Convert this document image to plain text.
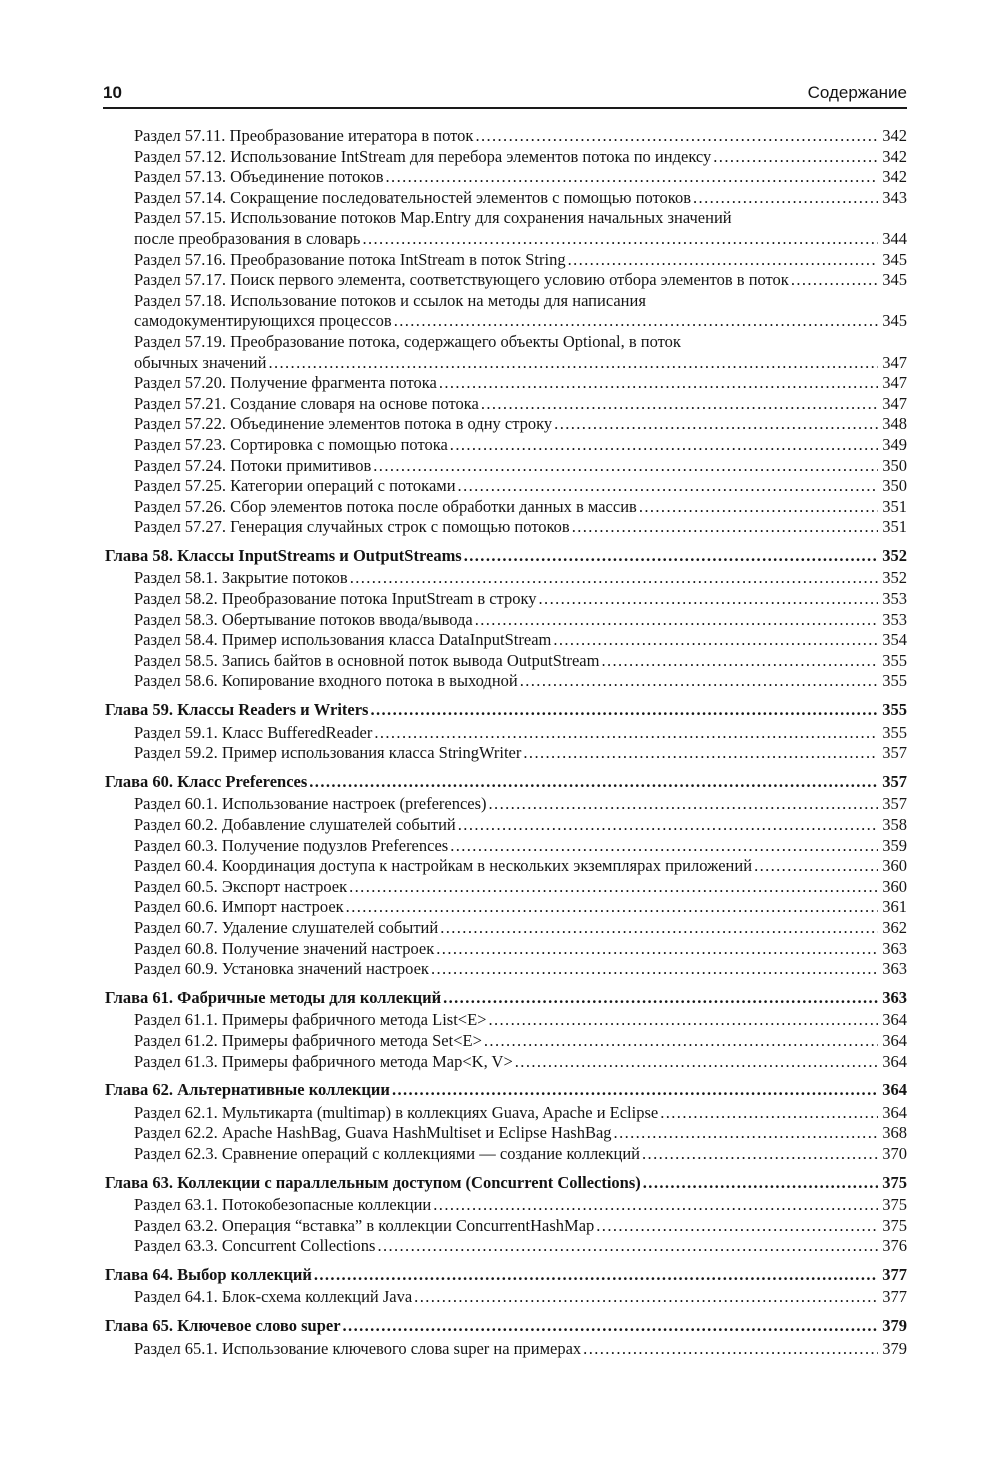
10	Содержание
Раздел 57.11. Преобразование итератора в поток .....	342
Раздел 57.12. Использование IntStream для перебора элементов потока по индексу .....	342
Раздел 57.13. Объединение потоков .....	342
Раздел 57.14. Сокращение последовательностей элементов с помощью потоков .....	343
Раздел 57.15. Использование потоков Map.Entry для сохранения начальных значений
после преобразования в словарь .....	344
Раздел 57.16. Преобразование потока IntStream в поток String .....	345
Раздел 57.17. Поиск первого элемента, соответствующего условию отбора элементов в поток .....	345
Раздел 57.18. Использование потоков и ссылок на методы для написания
самодокументирующихся процессов .....	345
Раздел 57.19. Преобразование потока, содержащего объекты Optional, в поток
обычных значений .....	347
Раздел 57.20. Получение фрагмента потока .....	347
Раздел 57.21. Создание словаря на основе потока .....	347
Раздел 57.22. Объединение элементов потока в одну строку .....	348
Раздел 57.23. Сортировка с помощью потока .....	349
Раздел 57.24. Потоки примитивов .....	350
Раздел 57.25. Категории операций с потоками .....	350
Раздел 57.26. Сбор элементов потока после обработки данных в массив .....	351
Раздел 57.27. Генерация случайных строк с помощью потоков .....	351
Глава 58. Классы InputStreams и OutputStreams .....	352
Раздел 58.1. Закрытие потоков .....	352
Раздел 58.2. Преобразование потока InputStream в строку .....	353
Раздел 58.3. Обертывание потоков ввода/вывода .....	353
Раздел 58.4. Пример использования класса DataInputStream .....	354
Раздел 58.5. Запись байтов в основной поток вывода OutputStream .....	355
Раздел 58.6. Копирование входного потока в выходной .....	355
Глава 59. Классы Readers и Writers .....	355
Раздел 59.1. Класс BufferedReader .....	355
Раздел 59.2. Пример использования класса StringWriter .....	357
Глава 60. Класс Preferences .....	357
Раздел 60.1. Использование настроек (preferences) .....	357
Раздел 60.2. Добавление слушателей событий .....	358
Раздел 60.3. Получение подузлов Preferences .....	359
Раздел 60.4. Координация доступа к настройкам в нескольких экземплярах приложений .....	360
Раздел 60.5. Экспорт настроек .....	360
Раздел 60.6. Импорт настроек .....	361
Раздел 60.7. Удаление слушателей событий .....	362
Раздел 60.8. Получение значений настроек .....	363
Раздел 60.9. Установка значений настроек .....	363
Глава 61. Фабричные методы для коллекций .....	363
Раздел 61.1. Примеры фабричного метода List<E> .....	364
Раздел 61.2. Примеры фабричного метода Set<E> .....	364
Раздел 61.3. Примеры фабричного метода Map<K, V> .....	364
Глава 62. Альтернативные коллекции .....	364
Раздел 62.1. Мультикарта (multimap) в коллекциях Guava, Apache и Eclipse .....	364
Раздел 62.2. Apache HashBag, Guava HashMultiset и Eclipse HashBag .....	368
Раздел 62.3. Сравнение операций с коллекциями — создание коллекций .....	370
Глава 63. Коллекции с параллельным доступом (Concurrent Collections) .....	375
Раздел 63.1. Потокобезопасные коллекции .....	375
Раздел 63.2. Операция “вставка” в коллекции ConcurrentHashMap .....	375
Раздел 63.3. Concurrent Collections .....	376
Глава 64. Выбор коллекций .....	377
Раздел 64.1. Блок-схема коллекций Java .....	377
Глава 65. Ключевое слово super .....	379
Раздел 65.1. Использование ключевого слова super на примерах .....	379
